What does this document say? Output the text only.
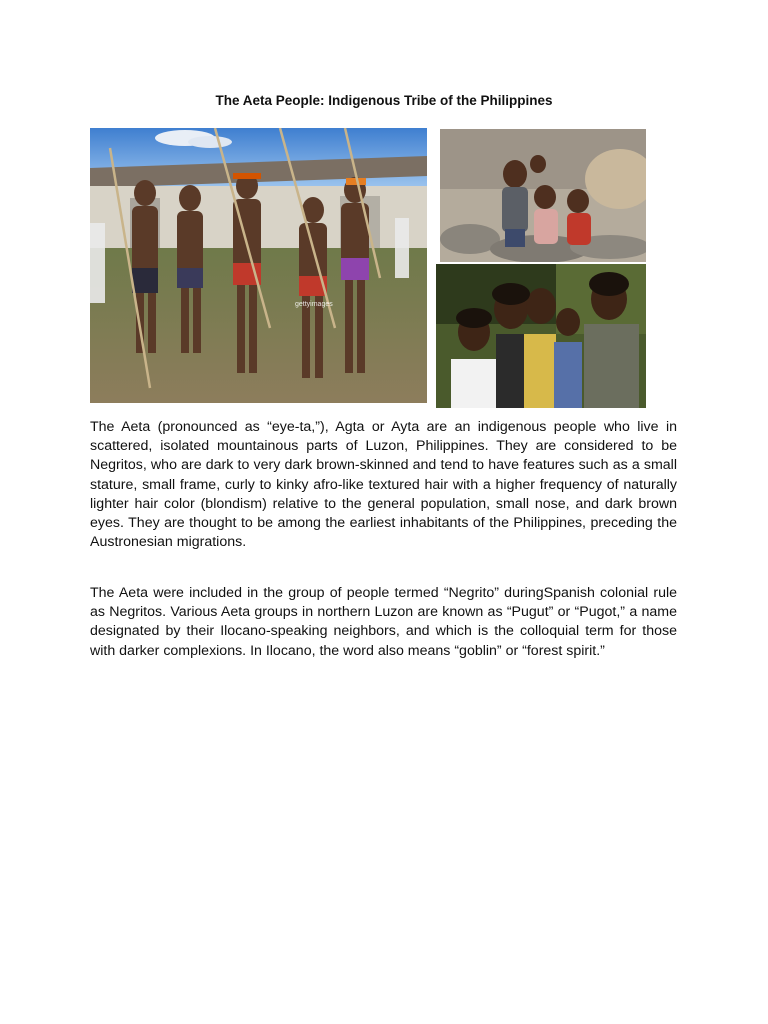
The Aeta People: Indigenous Tribe of the Philippines
gettyimages

The Aeta (pronounced as “eye-ta,”), Agta or Ayta are an indigenous people who live in scattered, isolated mountainous parts of Luzon, Philippines. They are considered to be Negritos, who are dark to very dark brown-skinned and tend to have features such as a small stature, small frame, curly to kinky afro-like textured hair with a higher frequency of naturally lighter hair color (blondism) relative to the general population, small nose, and dark brown eyes. They are thought to be among the earliest inhabitants of the Philippines, preceding the Austronesian migrations.

The Aeta were included in the group of people termed “Negrito” duringSpanish colonial rule as Negritos. Various Aeta groups in northern Luzon are known as “Pugut” or “Pugot,” a name designated by their Ilocano-speaking neighbors, and which is the colloquial term for those with darker complexions. In Ilocano, the word also means “goblin” or “forest spirit.”
